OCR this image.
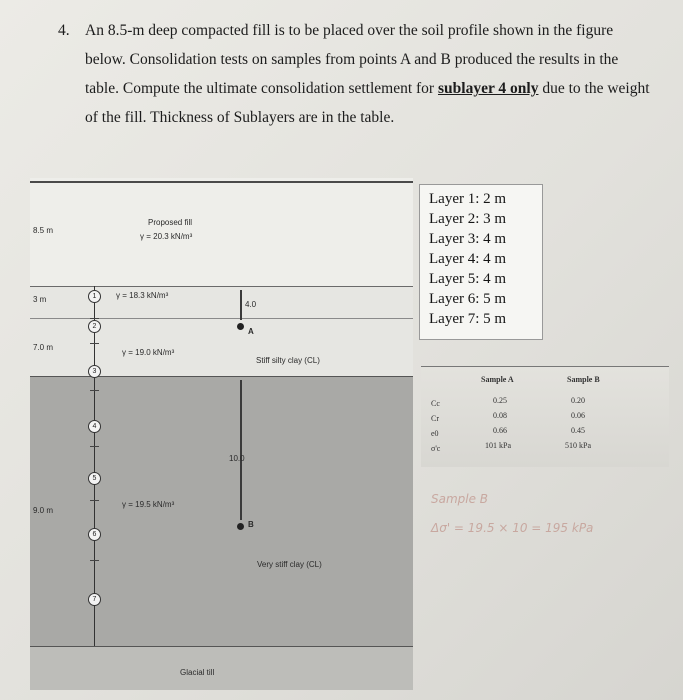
4. An 8.5-m deep compacted fill is to be placed over the soil profile shown in the figure below. Consolidation tests on samples from points A and B produced the results in the table. Compute the ultimate consolidation settlement for sublayer 4 only due to the weight of the fill. Thickness of Sublayers are in the table.
8.5 m
3 m
7.0 m
9.0 m
Proposed fill
γ = 20.3 kN/m³
1
2
3
4
5
6
7
γ = 18.3 kN/m³
γ = 19.0 kN/m³
γ = 19.5 kN/m³
4.0
A
10.0
B
Stiff silty clay (CL)
Very stiff clay (CL)
Glacial till
Layer 1: 2 m
Layer 2: 3 m
Layer 3: 4 m
Layer 4: 4 m
Layer 5: 4 m
Layer 6: 5 m
Layer 7: 5 m
Sample A	Sample B
Cc
Cr
e0
σ'c
0.25
0.08
0.66
101 kPa
0.20
0.06
0.45
510 kPa
Sample B
Δσ' = 19.5 × 10 = 195 kPa
